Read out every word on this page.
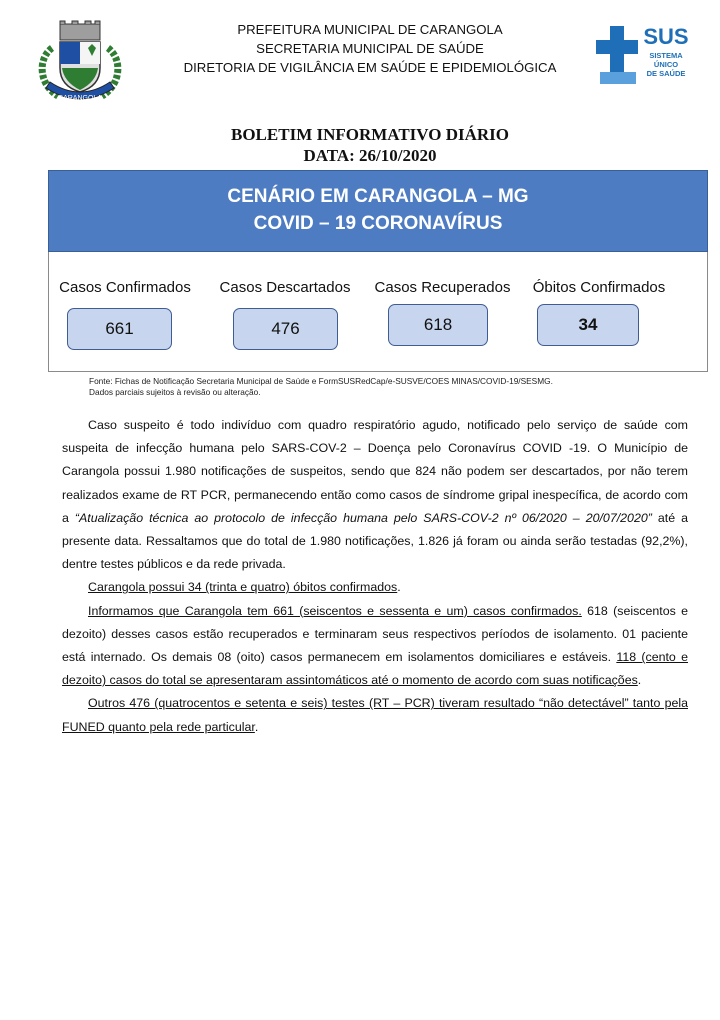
CARANGOLA
PREFEITURA MUNICIPAL DE CARANGOLA
SECRETARIA MUNICIPAL DE SAÚDE
DIRETORIA DE VIGILÂNCIA EM SAÚDE E EPIDEMIOLÓGICA
SUS
SISTEMA
ÚNICO
DE SAÚDE
BOLETIM INFORMATIVO DIÁRIO
DATA: 26/10/2020
CENÁRIO EM CARANGOLA – MG
COVID – 19 CORONAVÍRUS
Casos Confirmados	Casos Descartados	Casos Recuperados	Óbitos Confirmados
661	476	618	34
Fonte: Fichas de Notificação Secretaria Municipal de Saúde e FormSUSRedCap/e-SUSVE/COES MINAS/COVID-19/SESMG.
Dados parciais sujeitos à revisão ou alteração.

Caso suspeito é todo indivíduo com quadro respiratório agudo, notificado pelo serviço de saúde com suspeita de infecção humana pelo SARS-COV-2 – Doença pelo Coronavírus COVID -19. O Município de Carangola possui 1.980 notificações de suspeitos, sendo que 824 não podem ser descartados, por não terem realizados exame de RT PCR, permanecendo então como casos de síndrome gripal inespecífica, de acordo com a “Atualização técnica ao protocolo de infecção humana pelo SARS-COV-2 nº 06/2020 – 20/07/2020” até a presente data. Ressaltamos que do total de 1.980 notificações, 1.826 já foram ou ainda serão testadas (92,2%), dentre testes públicos e da rede privada.

Carangola possui 34 (trinta e quatro) óbitos confirmados.

Informamos que Carangola tem 661 (seiscentos e sessenta e um) casos confirmados. 618 (seiscentos e dezoito) desses casos estão recuperados e terminaram seus respectivos períodos de isolamento. 01 paciente está internado. Os demais 08 (oito) casos permanecem em isolamentos domiciliares e estáveis. 118 (cento e dezoito) casos do total se apresentaram assintomáticos até o momento de acordo com suas notificações.

Outros 476 (quatrocentos e setenta e seis) testes (RT – PCR) tiveram resultado “não detectável” tanto pela FUNED quanto pela rede particular.
